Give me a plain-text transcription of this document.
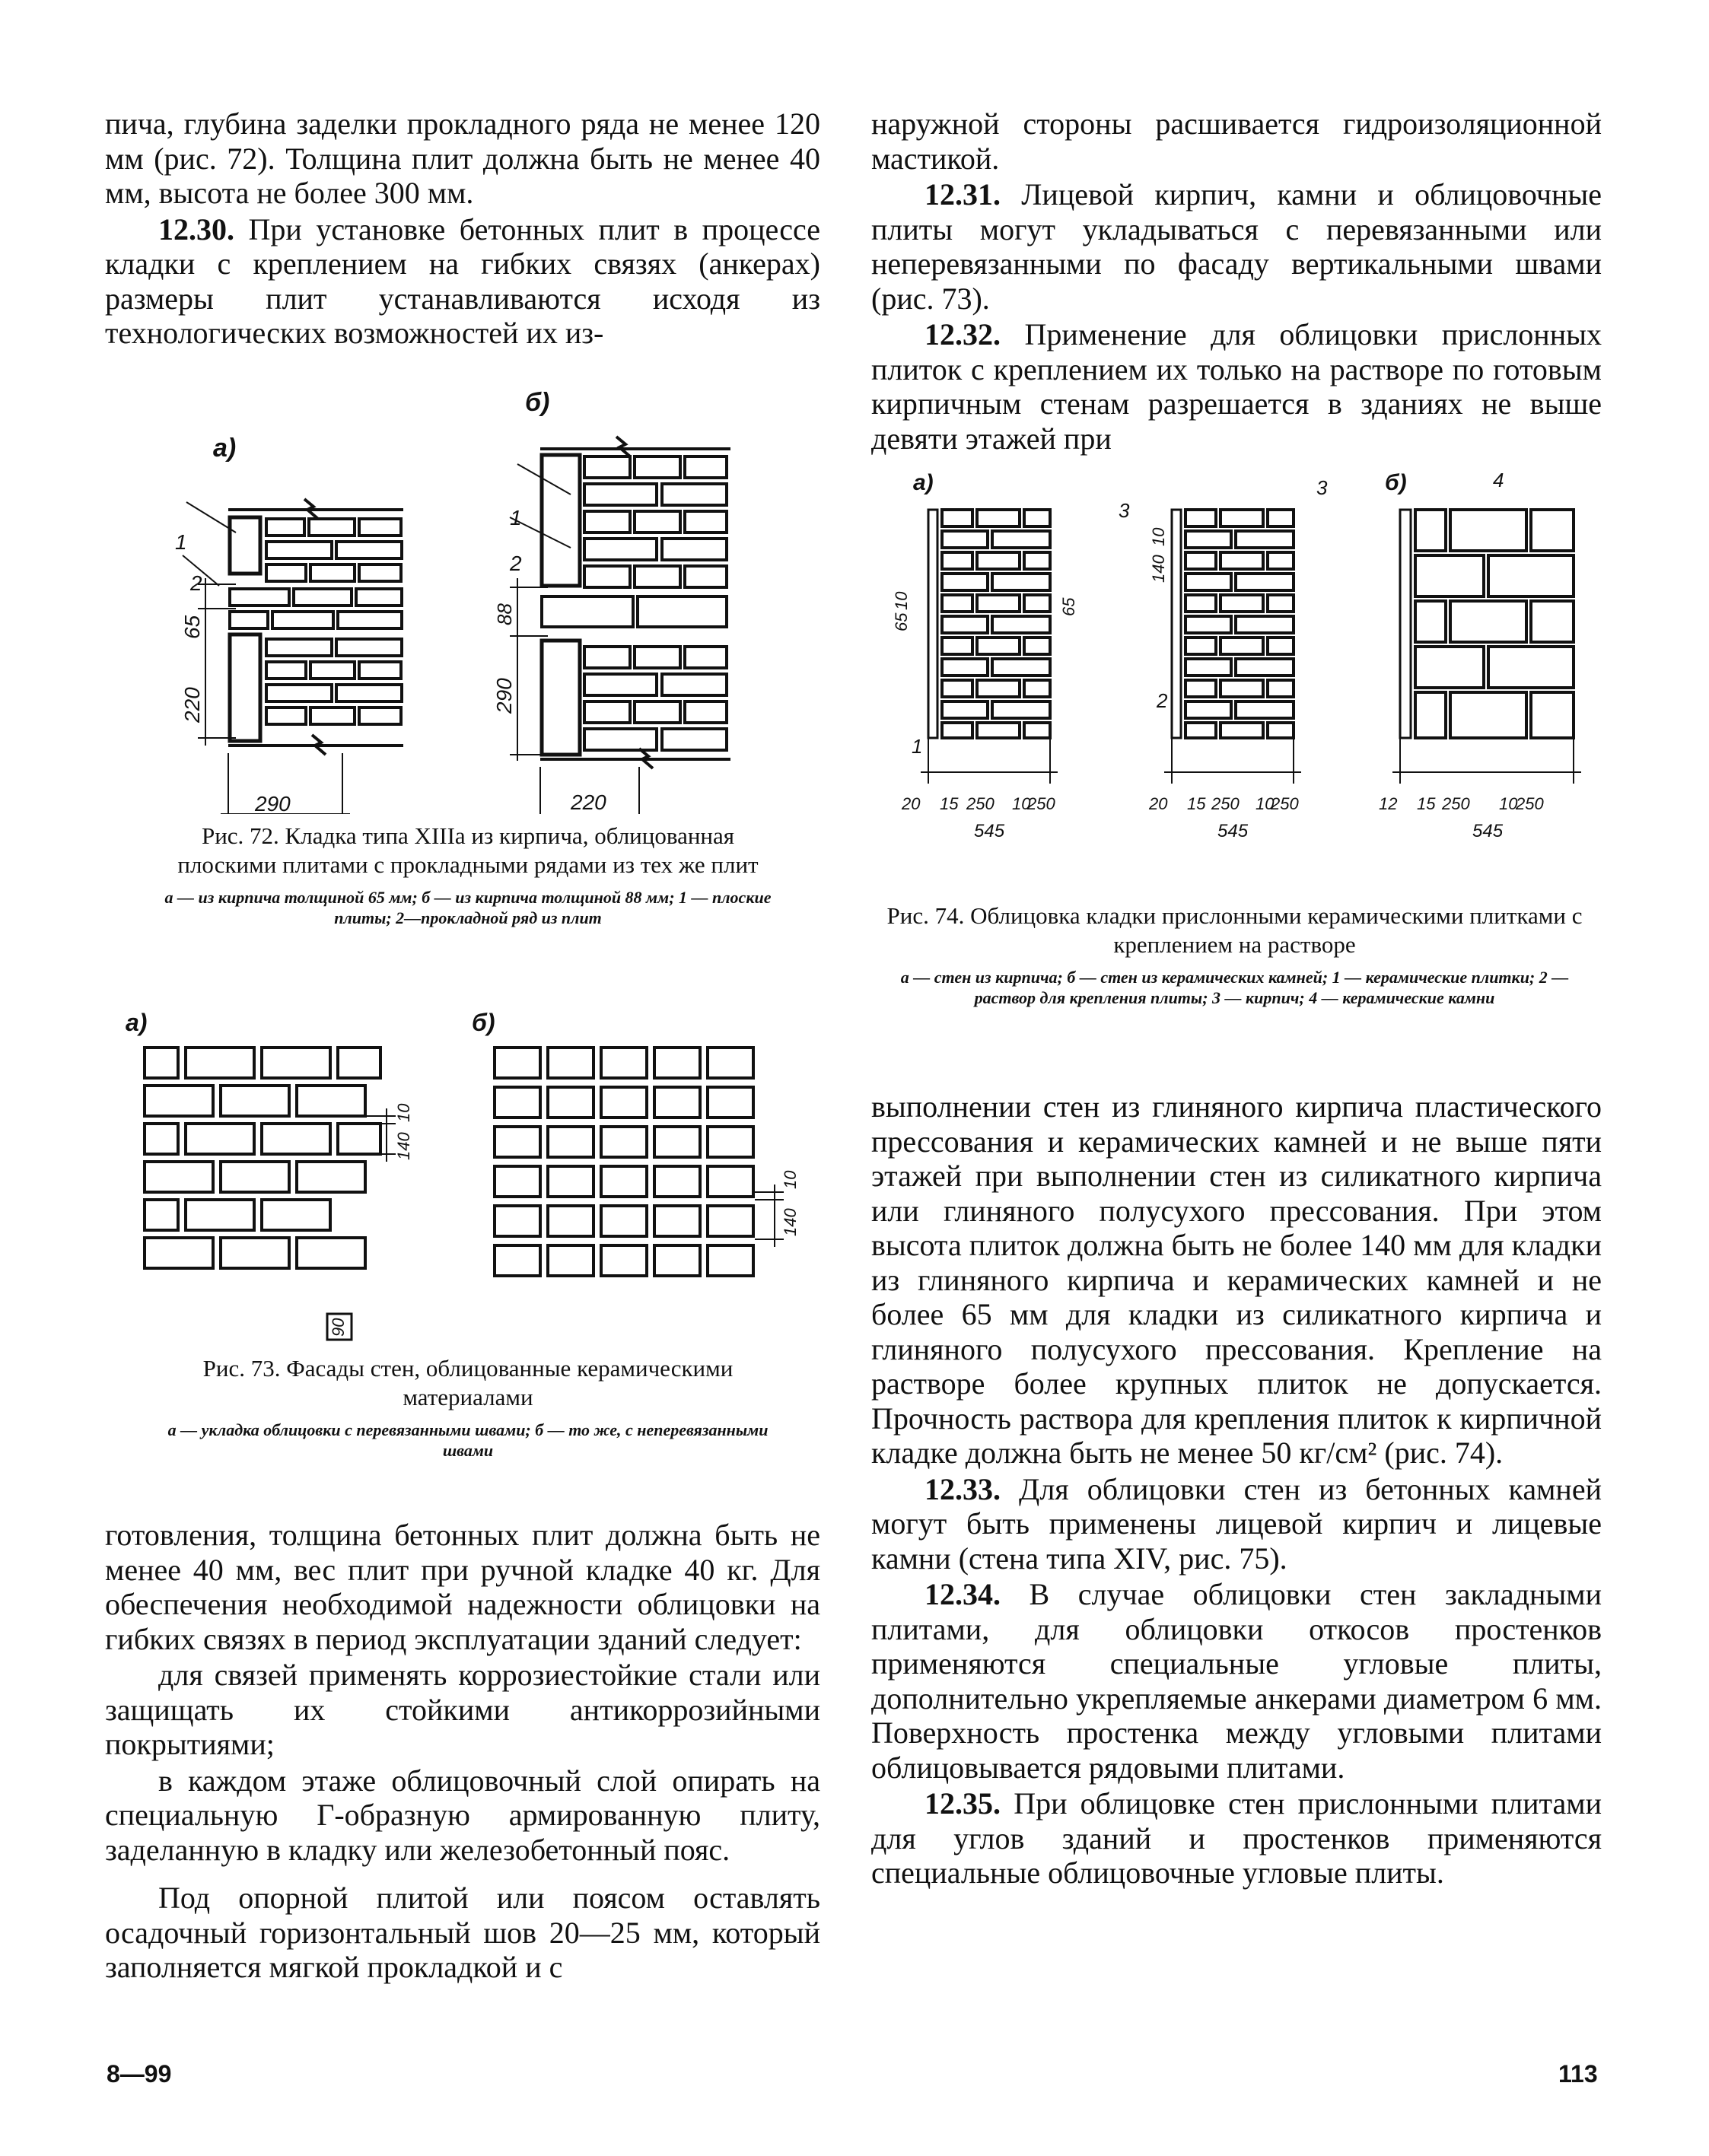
пича, глубина заделки прокладного ряда не менее 120 мм (рис. 72). Толщина плит должна быть не менее 40 мм, высота не более 300 мм.

12.30. При установке бетонных плит в процессе кладки с креплением на гибких связях (анкерах) размеры плит устанавливаются исходя из технологических возможностей их из-

а)
б)
1
2
1
2
65
220
290
88
290
220
Рис. 72. Кладка типа XIIIа из кирпича, облицованная плоскими плитами с прокладными рядами из тех же плит
а — из кирпича толщиной 65 мм; б — из кирпича толщиной 88 мм; 1 — плоские плиты; 2—прокладной ряд из плит
а)	б)
10
140
90
10
140
Рис. 73. Фасады стен, облицованные керамическими материалами
а — укладка облицовки с перевязанными швами; б — то же, с неперевязанными швами

готовления, толщина бетонных плит должна быть не менее 40 мм, вес плит при ручной кладке 40 кг. Для обеспечения необходимой надежности облицовки на гибких связях в период эксплуатации зданий следует:

для связей применять коррозиестойкие стали или защищать их стойкими антикоррозийными покрытиями;

в каждом этаже облицовочный слой опирать на специальную Г-образную армированную плиту, заделанную в кладку или железобетонный пояс.

Под опорной плитой или поясом оставлять осадочный горизонтальный шов 20—25 мм, который заполняется мягкой прокладкой и с

наружной стороны расшивается гидроизоляционной мастикой.

12.31. Лицевой кирпич, камни и облицовочные плиты могут укладываться с перевязанными или неперевязанными по фасаду вертикальными швами (рис. 73).

12.32. Применение для облицовки прислонных плиток с креплением их только на растворе по готовым кирпичным стенам разрешается в зданиях не выше девяти этажей при

а)	б)
3	4
3
2
1
65
10
140
10
65
20 15 250 10
250
545
20 15 250 10
250
545
12 15 250 10
250
545
Рис. 74. Облицовка кладки прислонными керамическими плитками с креплением на растворе
а — стен из кирпича; б — стен из керамических камней; 1 — керамические плитки; 2 — раствор для крепления плиты; 3 — кирпич; 4 — керамические камни

выполнении стен из глиняного кирпича пластического прессования и керамических камней и не выше пяти этажей при выполнении стен из силикатного кирпича или глиняного полусухого прессования. При этом высота плиток должна быть не более 140 мм для кладки из глиняного кирпича и керамических камней и не более 65 мм для кладки из силикатного кирпича и глиняного полусухого прессования. Крепление на растворе более крупных плиток не допускается. Прочность раствора для крепления плиток к кирпичной кладке должна быть не менее 50 кг/см² (рис. 74).

12.33. Для облицовки стен из бетонных камней могут быть применены лицевой кирпич и лицевые камни (стена типа XIV, рис. 75).

12.34. В случае облицовки стен закладными плитами, для облицовки откосов простенков применяются специальные угловые плиты, дополнительно укрепляемые анкерами диаметром 6 мм. Поверхность простенка между угловыми плитами облицовывается рядовыми плитами.

12.35. При облицовке стен прислонными плитами для углов зданий и простенков применяются специальные облицовочные угловые плиты.

8—99	113
